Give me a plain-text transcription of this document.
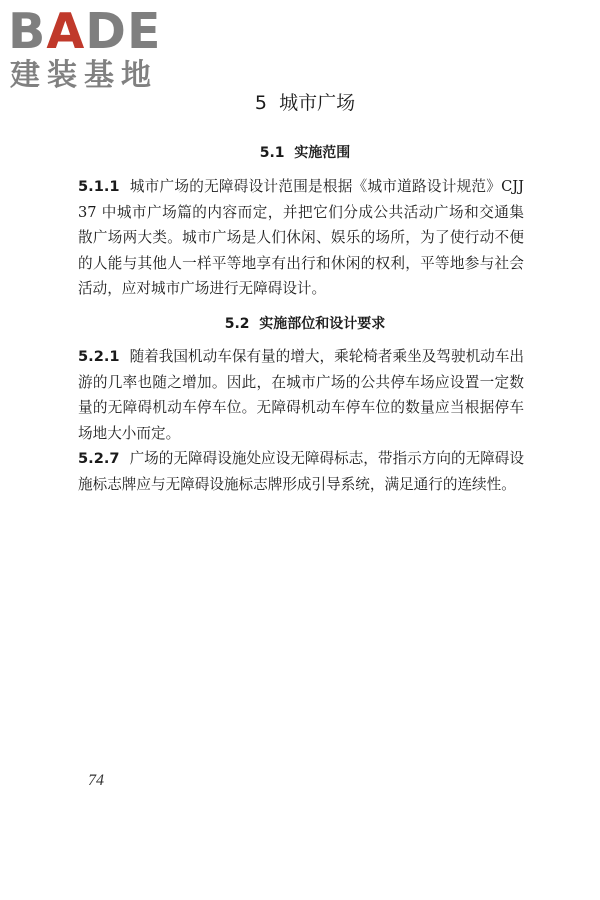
BADE
建装基地
5  城市广场
5.1  实施范围
5.1.1 城市广场的无障碍设计范围是根据《城市道路设计规范》CJJ 37 中城市广场篇的内容而定，并把它们分成公共活动广场和交通集散广场两大类。城市广场是人们休闲、娱乐的场所，为了使行动不便的人能与其他人一样平等地享有出行和休闲的权利，平等地参与社会活动，应对城市广场进行无障碍设计。
5.2  实施部位和设计要求
5.2.1 随着我国机动车保有量的增大，乘轮椅者乘坐及驾驶机动车出游的几率也随之增加。因此，在城市广场的公共停车场应设置一定数量的无障碍机动车停车位。无障碍机动车停车位的数量应当根据停车场地大小而定。
5.2.7 广场的无障碍设施处应设无障碍标志，带指示方向的无障碍设施标志牌应与无障碍设施标志牌形成引导系统，满足通行的连续性。
74
